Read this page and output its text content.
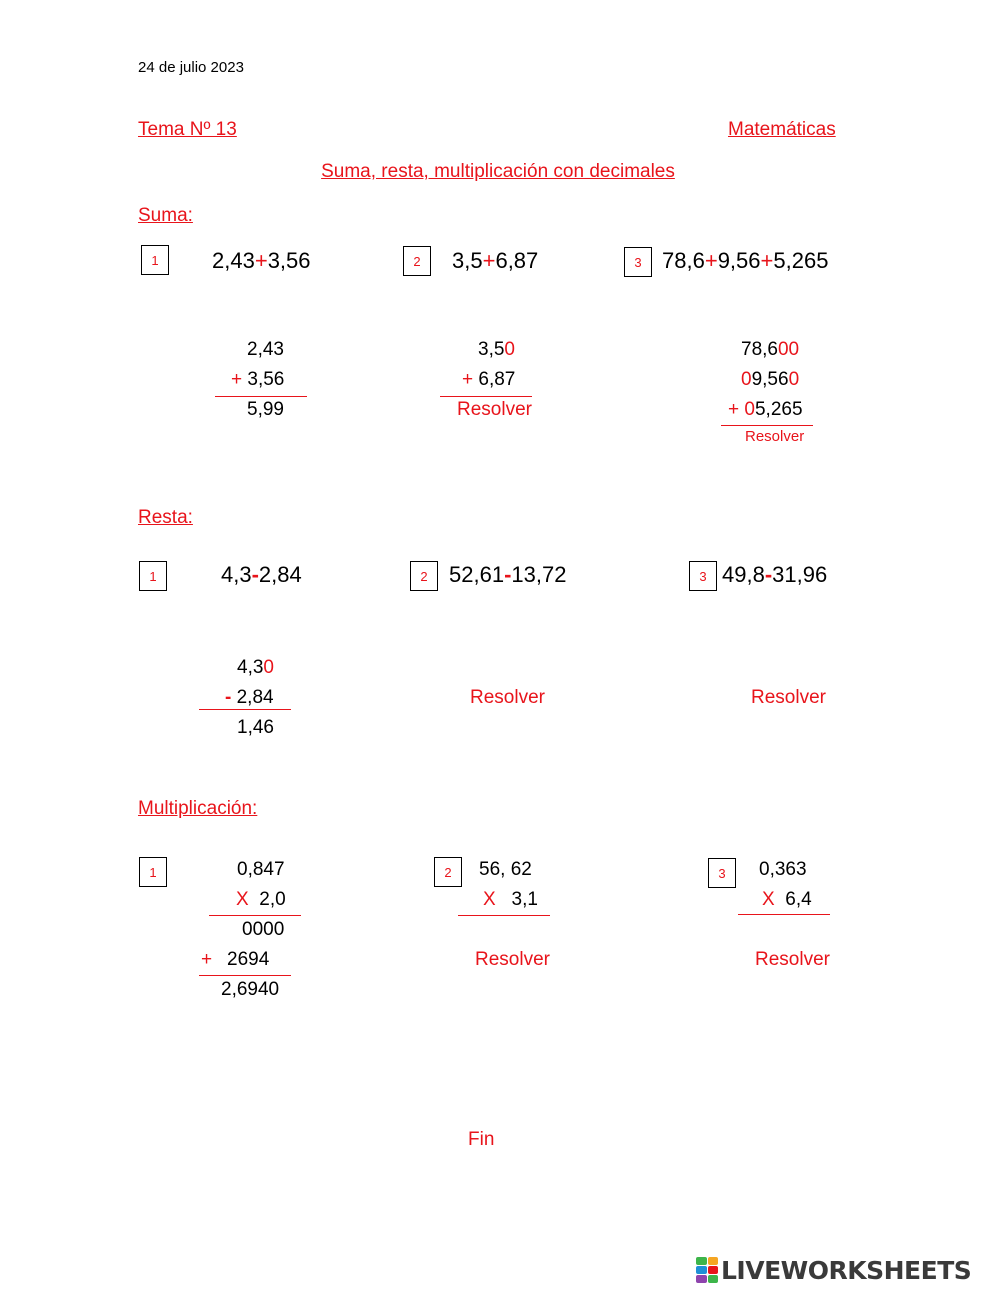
24 de julio 2023
Tema Nº 13	Matemáticas
Suma, resta, multiplicación con decimales
Suma:
1	2,43+3,56	2	3,5+6,87	3 78,6+9,56+5,265
2,43
+ 3,56
5,99
3,50
+ 6,87
Resolver
78,600
09,560
+ 05,265
Resolver
Resta:
1	4,3-2,84	2 52,61-13,72	3 49,8-31,96
4,30
- 2,84
1,46
Resolver	Resolver
Multiplicación:
1	0,847
X 2,0
0000
+ 2694
2,6940
2	56, 62
X 3,1
Resolver
3	0,363
X 6,4
Resolver
Fin
LIVEWORKSHEETS
